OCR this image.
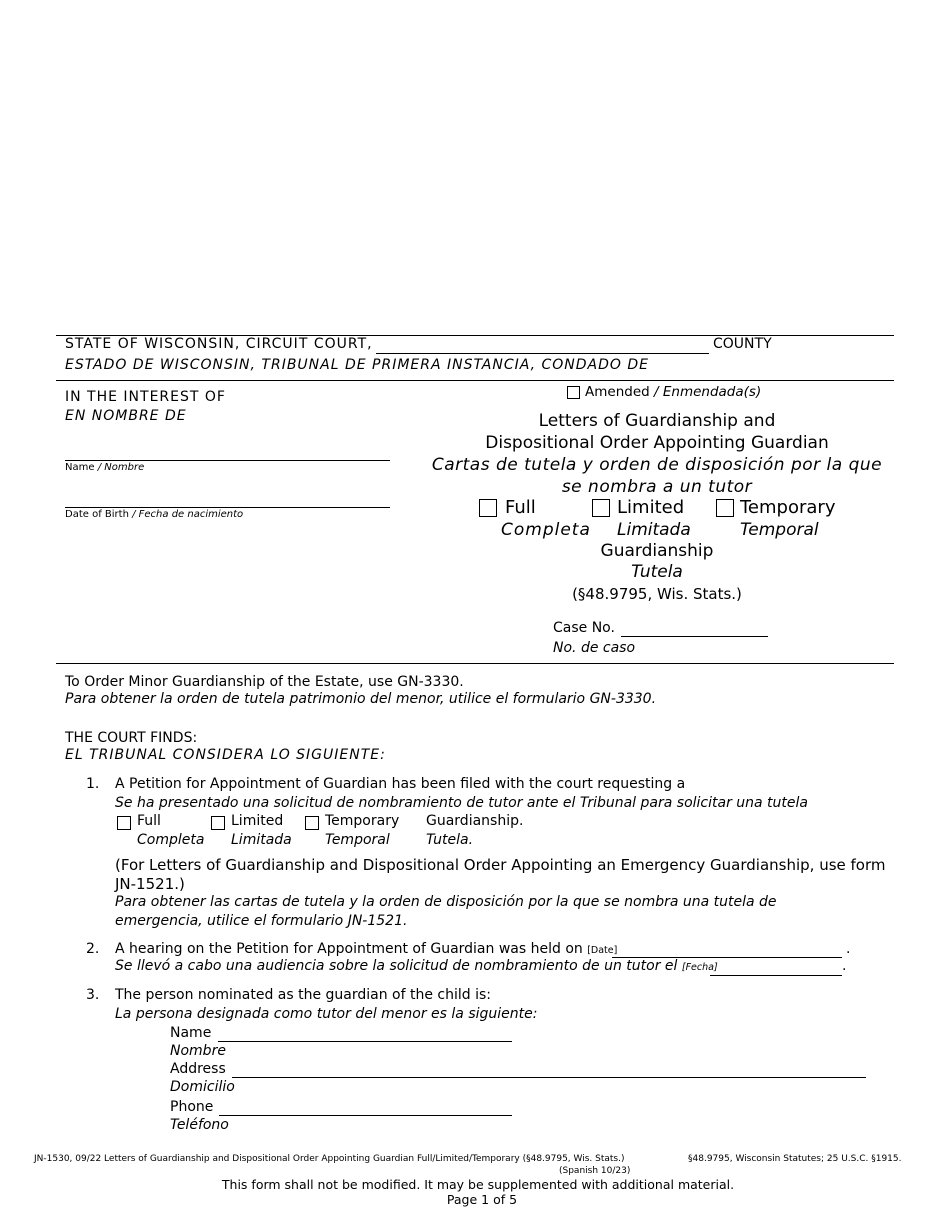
STATE OF WISCONSIN, CIRCUIT COURT,	COUNTY
ESTADO DE WISCONSIN, TRIBUNAL DE PRIMERA INSTANCIA, CONDADO DE
IN THE INTEREST OF
EN NOMBRE DE
Name / Nombre
Date of Birth / Fecha de nacimiento
Amended / Enmendada(s)
Letters of Guardianship and
Dispositional Order Appointing Guardian
Cartas de tutela y orden de disposición por la que
se nombra a un tutor
Full
Completa
Limited
Limitada
Temporary
Temporal
Guardianship
Tutela
(§48.9795, Wis. Stats.)
Case No.
No. de caso
To Order Minor Guardianship of the Estate, use GN-3330.
Para obtener la orden de tutela patrimonio del menor, utilice el formulario GN-3330.
THE COURT FINDS:
EL TRIBUNAL CONSIDERA LO SIGUIENTE:
1. A Petition for Appointment of Guardian has been filed with the court requesting a
Se ha presentado una solicitud de nombramiento de tutor ante el Tribunal para solicitar una tutela
Full
Completa
Limited
Limitada
Temporary
Temporal
Guardianship.
Tutela.
(For Letters of Guardianship and Dispositional Order Appointing an Emergency Guardianship, use form
JN-1521.)
Para obtener las cartas de tutela y la orden de disposición por la que se nombra una tutela de
emergencia, utilice el formulario JN-1521.
2. A hearing on the Petition for Appointment of Guardian was held on [Date]	.
Se llevó a cabo una audiencia sobre la solicitud de nombramiento de un tutor el [Fecha]	.
3. The person nominated as the guardian of the child is:
La persona designada como tutor del menor es la siguiente:
Name
Nombre
Address
Domicilio
Phone
Teléfono
JN-1530, 09/22 Letters of Guardianship and Dispositional Order Appointing Guardian Full/Limited/Temporary (§48.9795, Wis. Stats.)	§48.9795, Wisconsin Statutes; 25 U.S.C. §1915.
(Spanish 10/23)
This form shall not be modified. It may be supplemented with additional material.
Page 1 of 5
